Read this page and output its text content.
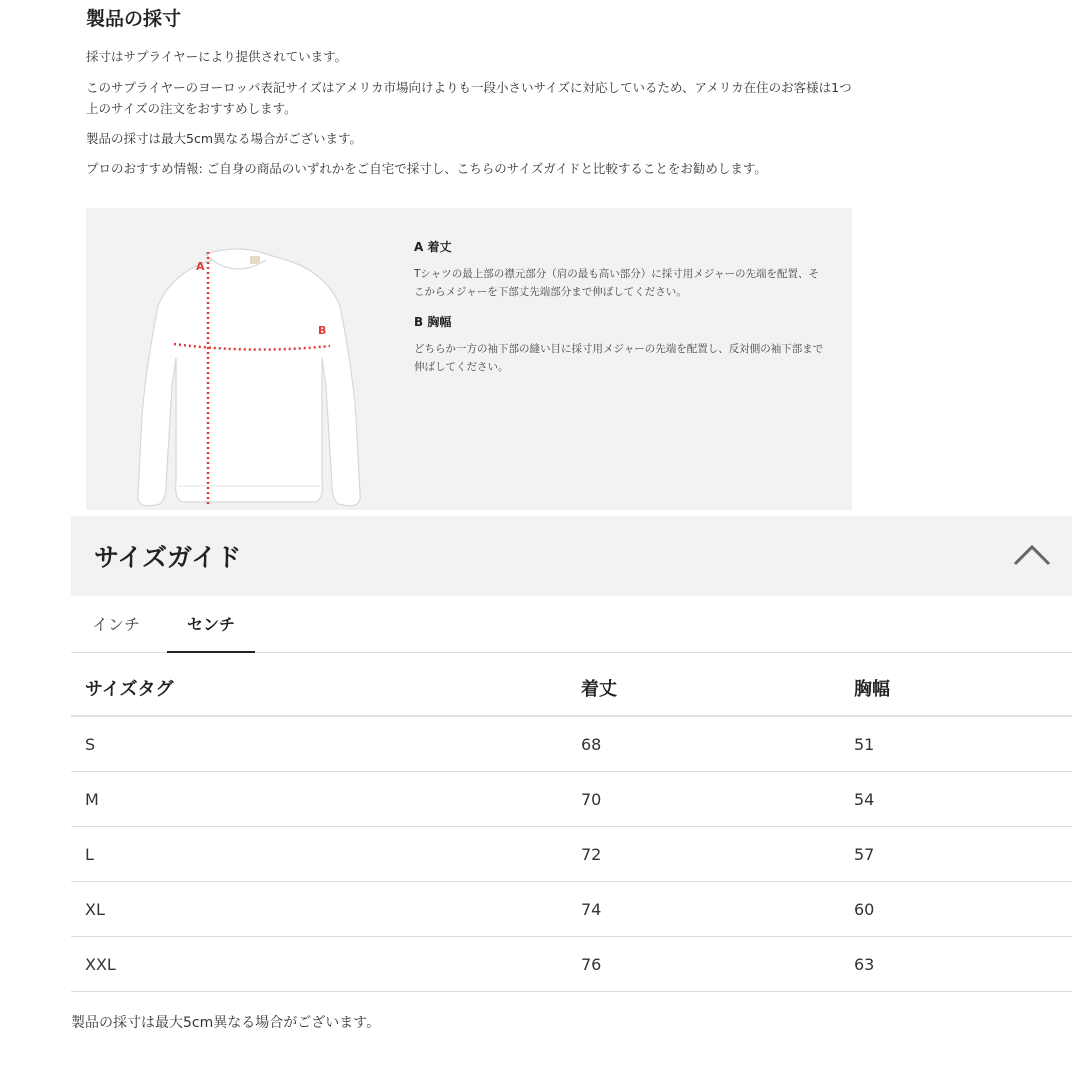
製品の採寸

採寸はサプライヤーにより提供されています。

このサプライヤーのヨーロッパ表記サイズはアメリカ市場向けよりも一段小さいサイズに対応しているため、アメリカ在住のお客様は1つ上のサイズの注文をおすすめします。

製品の採寸は最大5cm異なる場合がございます。

プロのおすすめ情報: ご自身の商品のいずれかをご自宅で採寸し、こちらのサイズガイドと比較することをお勧めします。

A
B

A 着丈

Tシャツの最上部の襟元部分（肩の最も高い部分）に採寸用メジャーの先端を配置、そこからメジャーを下部丈先端部分まで伸ばしてください。

B 胸幅

どちらか一方の袖下部の縫い目に採寸用メジャーの先端を配置し、反対側の袖下部まで伸ばしてください。

サイズガイド
インチ	センチ
サイズタグ	着丈	胸幅
S	68	51
M	70	54
L	72	57
XL	74	60
XXL	76	63

製品の採寸は最大5cm異なる場合がございます。
